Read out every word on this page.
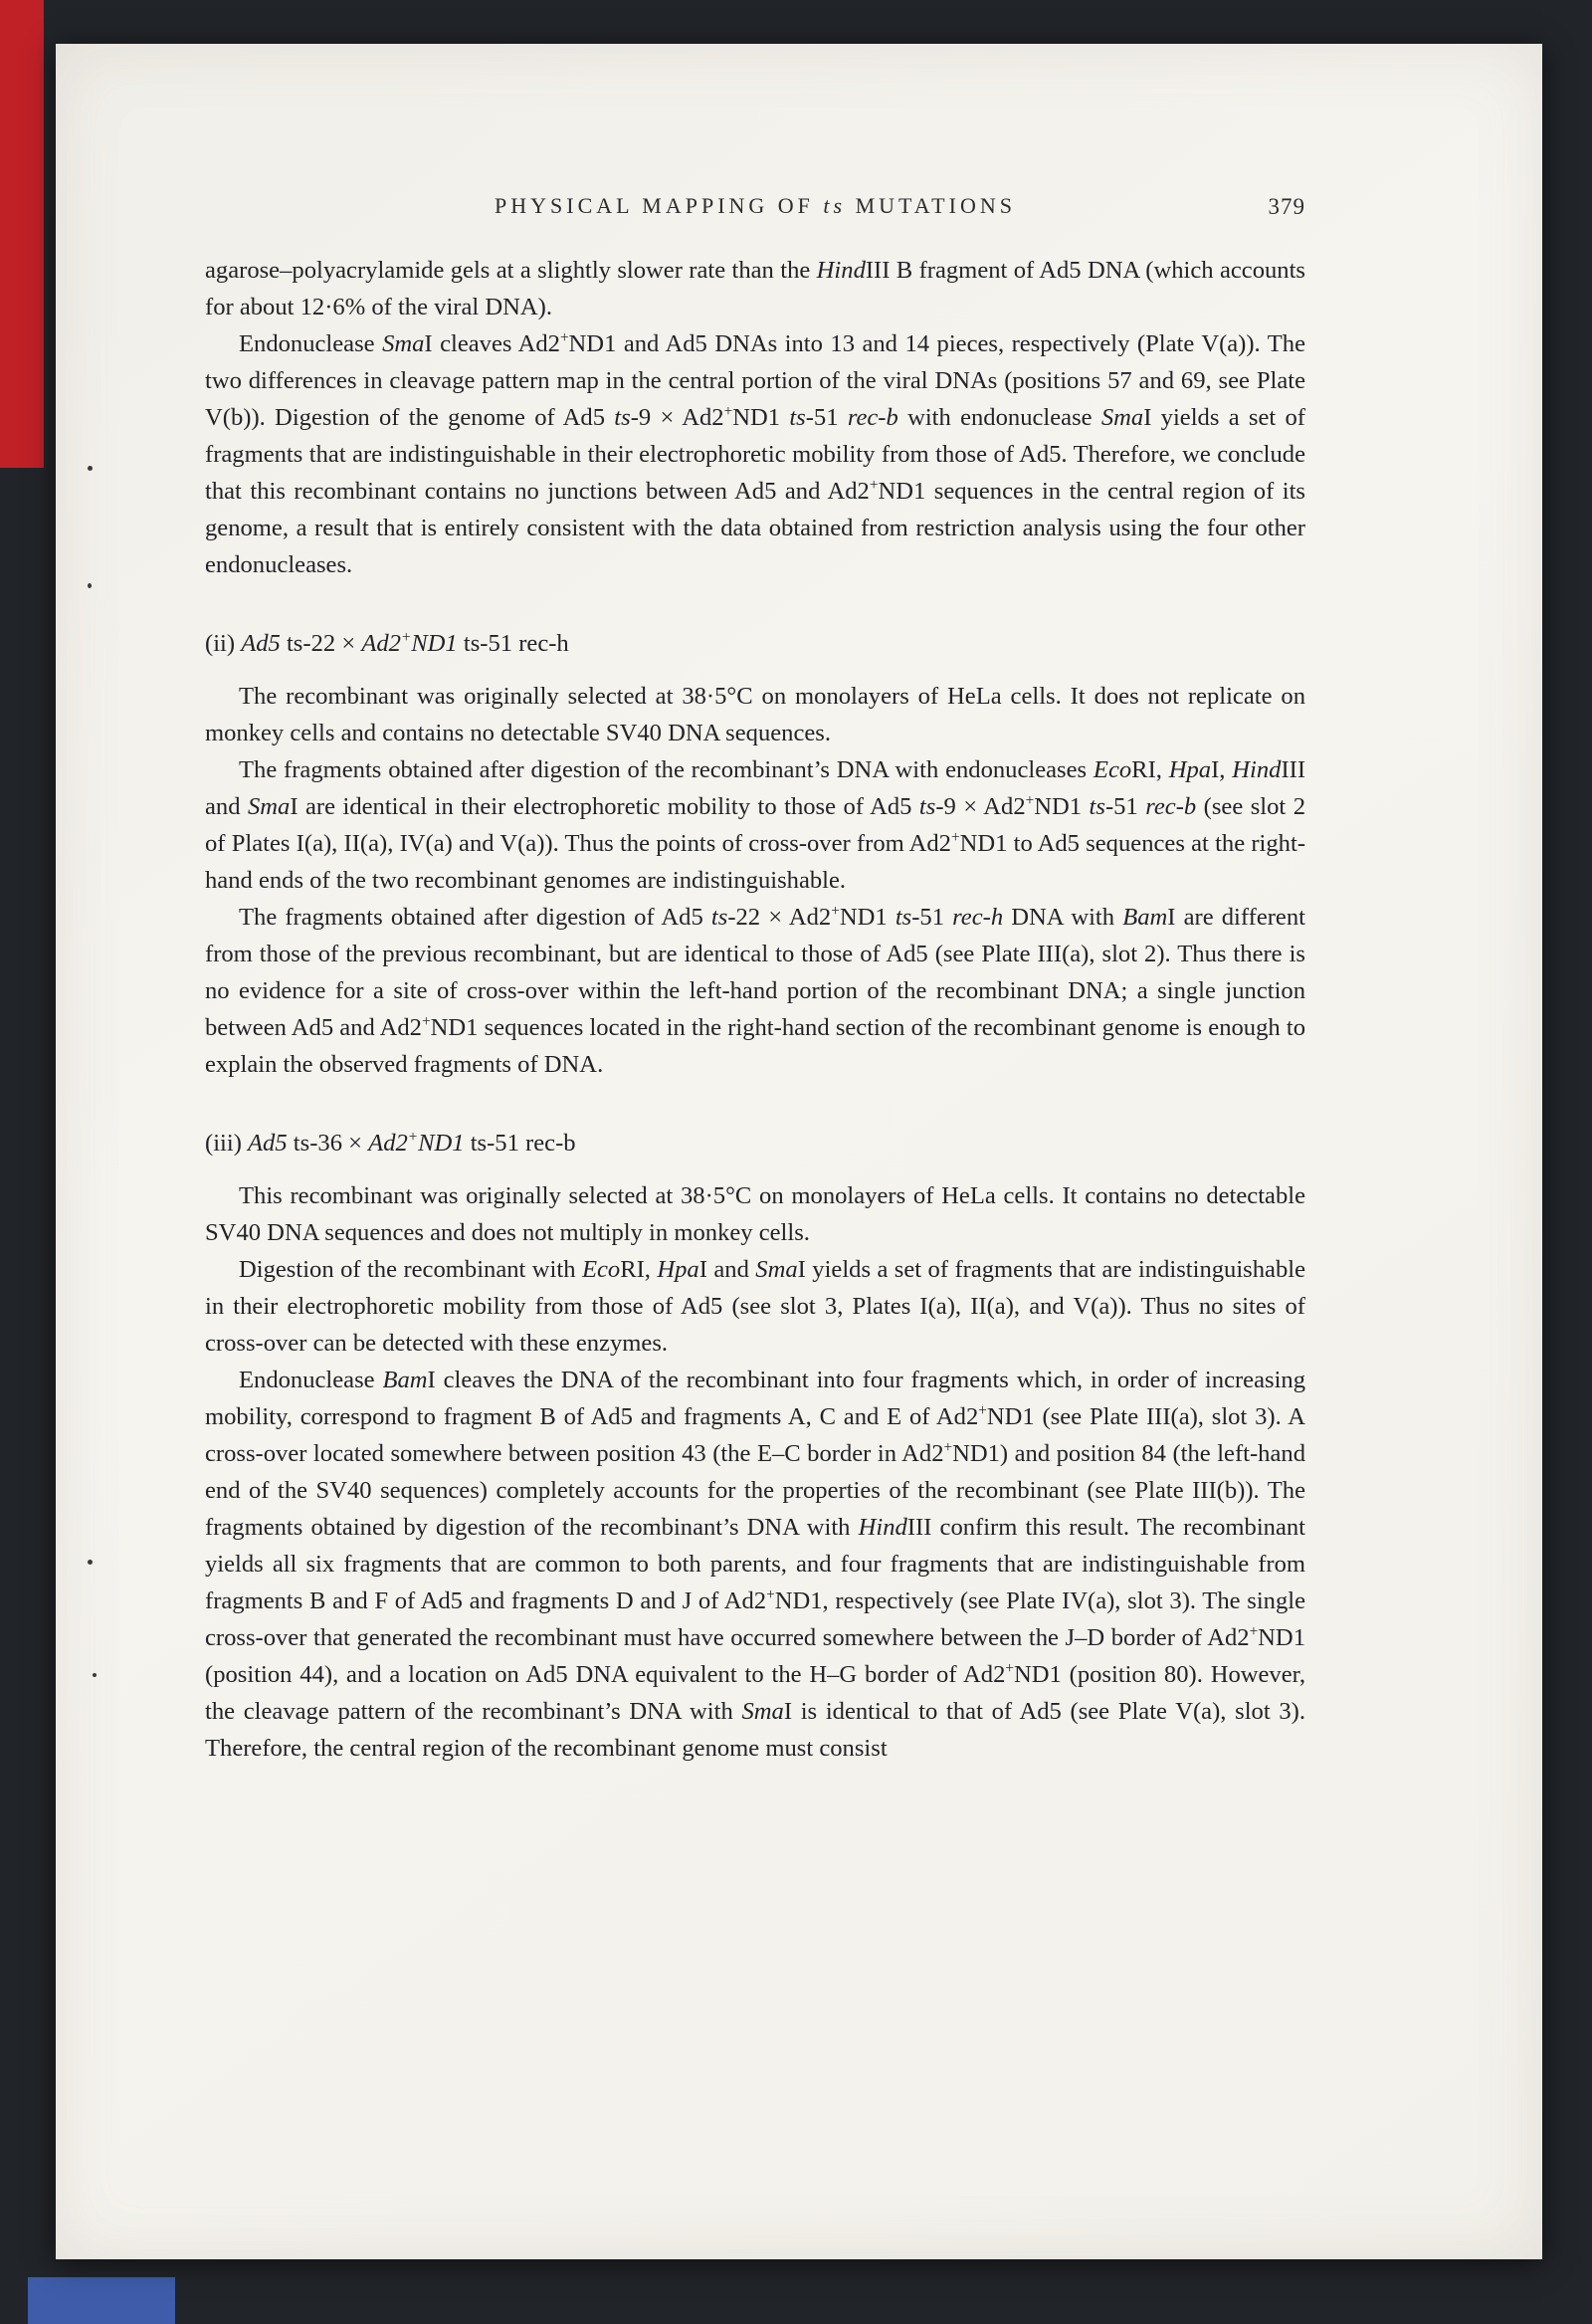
PHYSICAL MAPPING OF ts MUTATIONS	379

agarose–polyacrylamide gels at a slightly slower rate than the HindIII B fragment of Ad5 DNA (which accounts for about 12·6% of the viral DNA).

Endonuclease SmaI cleaves Ad2+ND1 and Ad5 DNAs into 13 and 14 pieces, respectively (Plate V(a)). The two differences in cleavage pattern map in the central portion of the viral DNAs (positions 57 and 69, see Plate V(b)). Digestion of the genome of Ad5 ts-9 × Ad2+ND1 ts-51 rec-b with endonuclease SmaI yields a set of fragments that are indistinguishable in their electrophoretic mobility from those of Ad5. Therefore, we conclude that this recombinant contains no junctions between Ad5 and Ad2+ND1 sequences in the central region of its genome, a result that is entirely consistent with the data obtained from restriction analysis using the four other endonucleases.

(ii) Ad5 ts-22 × Ad2+ND1 ts-51 rec-h

The recombinant was originally selected at 38·5°C on monolayers of HeLa cells. It does not replicate on monkey cells and contains no detectable SV40 DNA sequences.

The fragments obtained after digestion of the recombinant’s DNA with endonucleases EcoRI, HpaI, HindIII and SmaI are identical in their electrophoretic mobility to those of Ad5 ts-9 × Ad2+ND1 ts-51 rec-b (see slot 2 of Plates I(a), II(a), IV(a) and V(a)). Thus the points of cross-over from Ad2+ND1 to Ad5 sequences at the right-hand ends of the two recombinant genomes are indistinguishable.

The fragments obtained after digestion of Ad5 ts-22 × Ad2+ND1 ts-51 rec-h DNA with BamI are different from those of the previous recombinant, but are identical to those of Ad5 (see Plate III(a), slot 2). Thus there is no evidence for a site of cross-over within the left-hand portion of the recombinant DNA; a single junction between Ad5 and Ad2+ND1 sequences located in the right-hand section of the recombinant genome is enough to explain the observed fragments of DNA.

(iii) Ad5 ts-36 × Ad2+ND1 ts-51 rec-b

This recombinant was originally selected at 38·5°C on monolayers of HeLa cells. It contains no detectable SV40 DNA sequences and does not multiply in monkey cells.

Digestion of the recombinant with EcoRI, HpaI and SmaI yields a set of fragments that are indistinguishable in their electrophoretic mobility from those of Ad5 (see slot 3, Plates I(a), II(a), and V(a)). Thus no sites of cross-over can be detected with these enzymes.

Endonuclease BamI cleaves the DNA of the recombinant into four fragments which, in order of increasing mobility, correspond to fragment B of Ad5 and fragments A, C and E of Ad2+ND1 (see Plate III(a), slot 3). A cross-over located somewhere between position 43 (the E–C border in Ad2+ND1) and position 84 (the left-hand end of the SV40 sequences) completely accounts for the properties of the recombinant (see Plate III(b)). The fragments obtained by digestion of the recombinant’s DNA with HindIII confirm this result. The recombinant yields all six fragments that are common to both parents, and four fragments that are indistinguishable from fragments B and F of Ad5 and fragments D and J of Ad2+ND1, respectively (see Plate IV(a), slot 3). The single cross-over that generated the recombinant must have occurred somewhere between the J–D border of Ad2+ND1 (position 44), and a location on Ad5 DNA equivalent to the H–G border of Ad2+ND1 (position 80). However, the cleavage pattern of the recombinant’s DNA with SmaI is identical to that of Ad5 (see Plate V(a), slot 3). Therefore, the central region of the recombinant genome must consist
